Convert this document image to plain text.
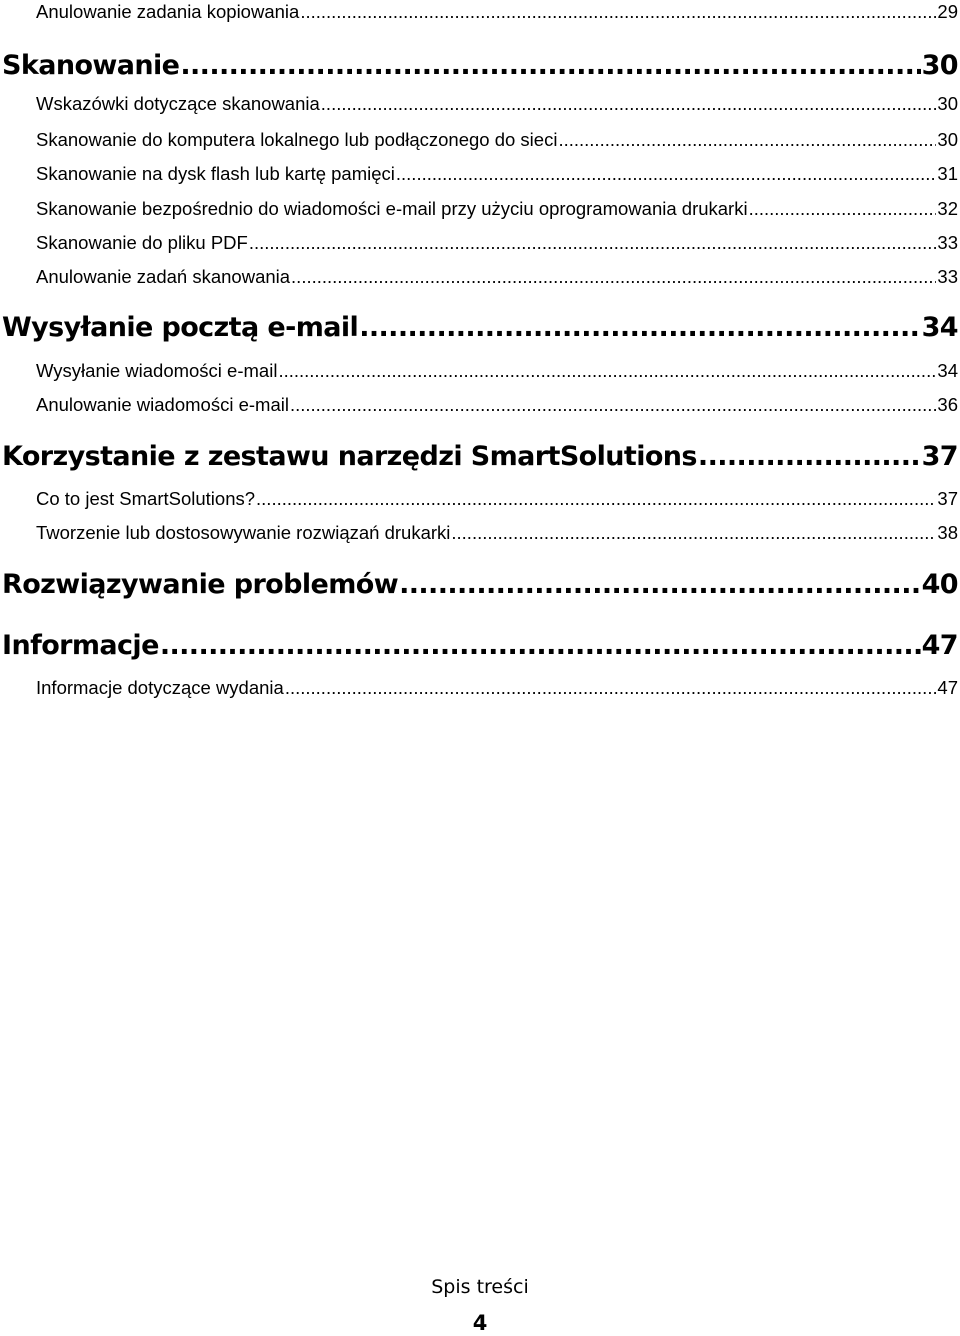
Anulowanie zadania kopiowania .....	29
Skanowanie .....	30
Wskazówki dotyczące skanowania .....	30
Skanowanie do komputera lokalnego lub podłączonego do sieci .....	30
Skanowanie na dysk flash lub kartę pamięci .....	31
Skanowanie bezpośrednio do wiadomości e-mail przy użyciu oprogramowania drukarki .....	32
Skanowanie do pliku PDF .....	33
Anulowanie zadań skanowania .....	33
Wysyłanie pocztą e-mail .....	34
Wysyłanie wiadomości e-mail .....	34
Anulowanie wiadomości e-mail .....	36
Korzystanie z zestawu narzędzi SmartSolutions .....	37
Co to jest SmartSolutions? .....	37
Tworzenie lub dostosowywanie rozwiązań drukarki .....	38
Rozwiązywanie problemów .....	40
Informacje .....	47
Informacje dotyczące wydania .....	47
Spis treści
4
